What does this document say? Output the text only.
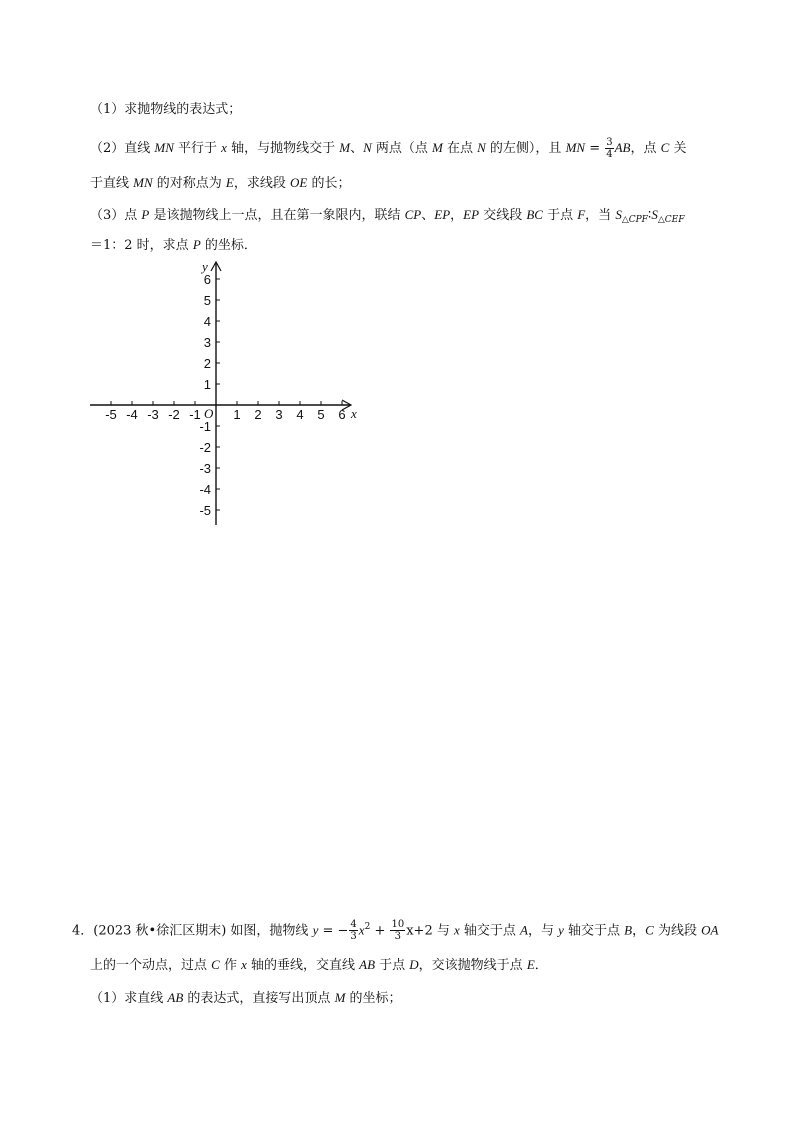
（1）求抛物线的表达式；
（2）直线 MN 平行于 x 轴，与抛物线交于 M、N 两点（点 M 在点 N 的左侧），且 MN = $\frac{3}{4}$ AB，点 C 关
于直线 MN 的对称点为 E，求线段 OE 的长；
（3）点 P 是该抛物线上一点，且在第一象限内，联结 CP、EP，EP 交线段 BC 于点 F，当 $S_{\triangle CPF}∶S_{\triangle CEF}$
＝1：2 时，求点 P 的坐标．
x
y
O
-5 -4 -3 -2 -1	1 2 3 4 5 6
6
5
4
3
2
1
-1
-2
-3
-4
-5
4．(2023 秋•徐汇区期末) 如图，抛物线 y = − $\frac{4}{3} x^2 + \frac{10}{3} x+2$ 与 x 轴交于点 A，与 y 轴交于点 B，C 为线段 OA
上的一个动点，过点 C 作 x 轴的垂线，交直线 AB 于点 D，交该抛物线于点 E．
（1）求直线 AB 的表达式，直接写出顶点 M 的坐标；
